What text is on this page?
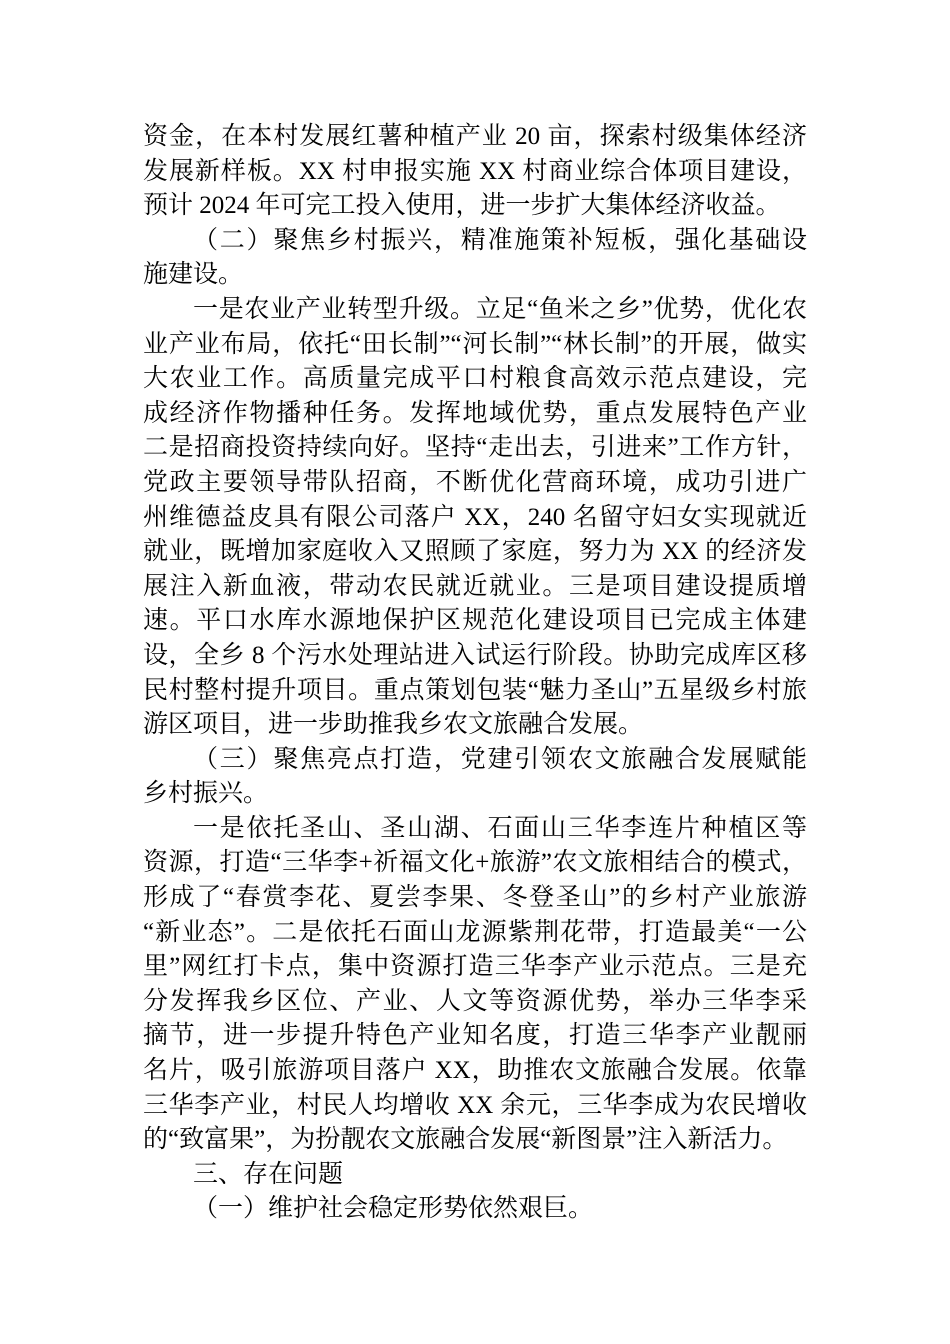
资金，在本村发展红薯种植产业 20 亩，探索村级集体经济
发展新样板。XX 村申报实施 XX 村商业综合体项目建设，
预计 2024 年可完工投入使用，进一步扩大集体经济收益。
（二）聚焦乡村振兴，精准施策补短板，强化基础设
施建设。
一是农业产业转型升级。立足“鱼米之乡”优势，优化农
业产业布局，依托“田长制”“河长制”“林长制”的开展，做实
大农业工作。高质量完成平口村粮食高效示范点建设，完
成经济作物播种任务。发挥地域优势，重点发展特色产业
二是招商投资持续向好。坚持“走出去，引进来”工作方针，
党政主要领导带队招商，不断优化营商环境，成功引进广
州维德益皮具有限公司落户 XX，240 名留守妇女实现就近
就业，既增加家庭收入又照顾了家庭，努力为 XX 的经济发
展注入新血液，带动农民就近就业。三是项目建设提质增
速。平口水库水源地保护区规范化建设项目已完成主体建
设，全乡 8 个污水处理站进入试运行阶段。协助完成库区移
民村整村提升项目。重点策划包装“魅力圣山”五星级乡村旅
游区项目，进一步助推我乡农文旅融合发展。
（三）聚焦亮点打造，党建引领农文旅融合发展赋能
乡村振兴。
一是依托圣山、圣山湖、石面山三华李连片种植区等
资源，打造“三华李+祈福文化+旅游”农文旅相结合的模式，
形成了“春赏李花、夏尝李果、冬登圣山”的乡村产业旅游
“新业态”。二是依托石面山龙源紫荆花带，打造最美“一公
里”网红打卡点，集中资源打造三华李产业示范点。三是充
分发挥我乡区位、产业、人文等资源优势，举办三华李采
摘节，进一步提升特色产业知名度，打造三华李产业靓丽
名片，吸引旅游项目落户 XX，助推农文旅融合发展。依靠
三华李产业，村民人均增收 XX 余元，三华李成为农民增收
的“致富果”，为扮靓农文旅融合发展“新图景”注入新活力。
三、存在问题
（一）维护社会稳定形势依然艰巨。
